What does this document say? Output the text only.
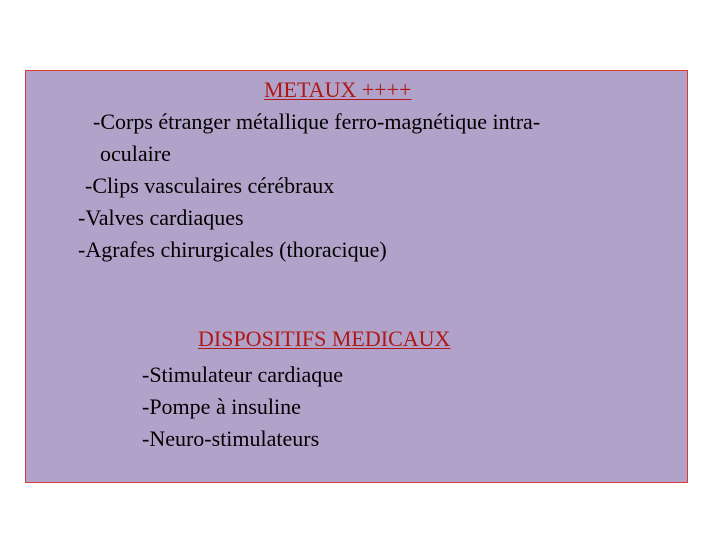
METAUX ++++
-Corps étranger métallique ferro-magnétique intra-
oculaire
-Clips vasculaires cérébraux
-Valves cardiaques
-Agrafes chirurgicales (thoracique)
DISPOSITIFS MEDICAUX
-Stimulateur cardiaque
-Pompe à insuline
-Neuro-stimulateurs
